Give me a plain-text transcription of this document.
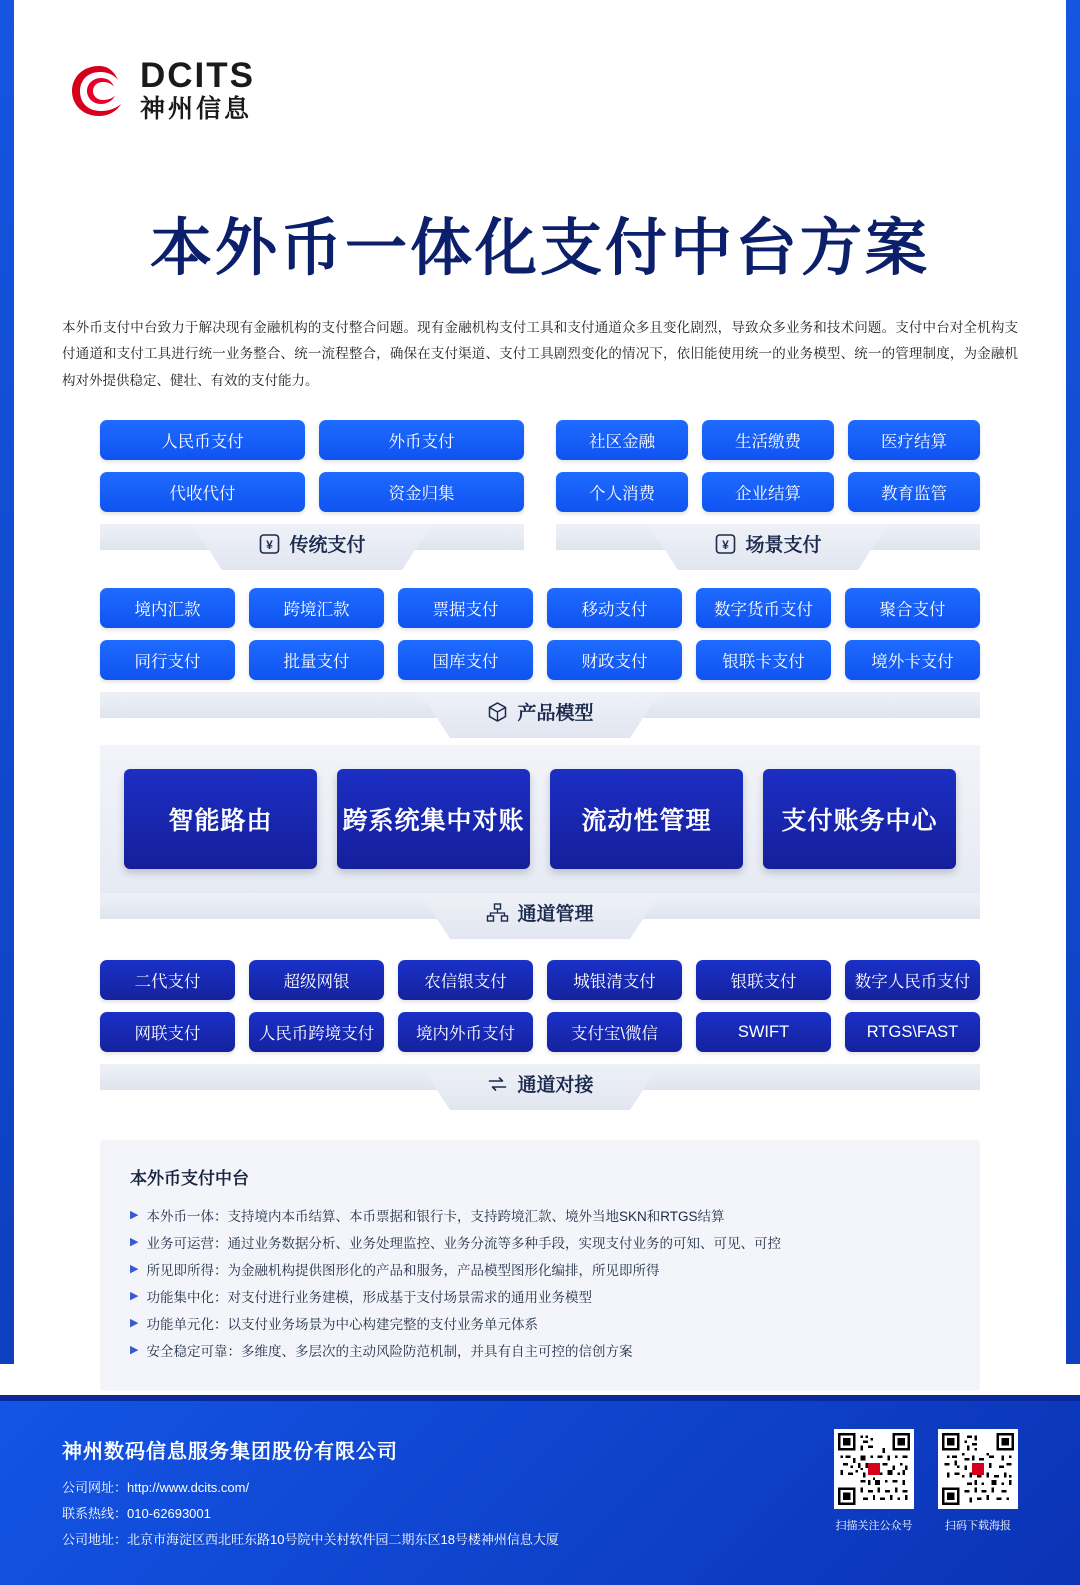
DCITS
神州信息
本外币一体化支付中台方案
本外币支付中台致力于解决现有金融机构的支付整合问题。现有金融机构支付工具和支付通道众多且变化剧烈，导致众多业务和技术问题。支付中台对全机构支付通道和支付工具进行统一业务整合、统一流程整合，确保在支付渠道、支付工具剧烈变化的情况下，依旧能使用统一的业务模型、统一的管理制度，为金融机构对外提供稳定、健壮、有效的支付能力。
人民币支付	外币支付
代收代付	资金归集
¥ 传统支付
社区金融	生活缴费	医疗结算
个人消费	企业结算	教育监管
¥ 场景支付
境内汇款	跨境汇款	票据支付	移动支付	数字货币支付	聚合支付
同行支付	批量支付	国库支付	财政支付	银联卡支付	境外卡支付
产品模型
智能路由	跨系统集中对账	流动性管理	支付账务中心
通道管理
二代支付	超级网银	农信银支付	城银清支付	银联支付	数字人民币支付
网联支付	人民币跨境支付	境内外币支付	支付宝\微信	SWIFT	RTGS\FAST
通道对接
本外币支付中台
▶ 本外币一体：支持境内本币结算、本币票据和银行卡，支持跨境汇款、境外当地SKN和RTGS结算
▶ 业务可运营：通过业务数据分析、业务处理监控、业务分流等多种手段，实现支付业务的可知、可见、可控
▶ 所见即所得：为金融机构提供图形化的产品和服务，产品模型图形化编排，所见即所得
▶ 功能集中化：对支付进行业务建模，形成基于支付场景需求的通用业务模型
▶ 功能单元化：以支付业务场景为中心构建完整的支付业务单元体系
▶ 安全稳定可靠：多维度、多层次的主动风险防范机制，并具有自主可控的信创方案
神州数码信息服务集团股份有限公司
公司网址：http://www.dcits.com/
联系热线：010-62693001
公司地址：北京市海淀区西北旺东路10号院中关村软件园二期东区18号楼神州信息大厦
扫描关注公众号	扫码下载海报
